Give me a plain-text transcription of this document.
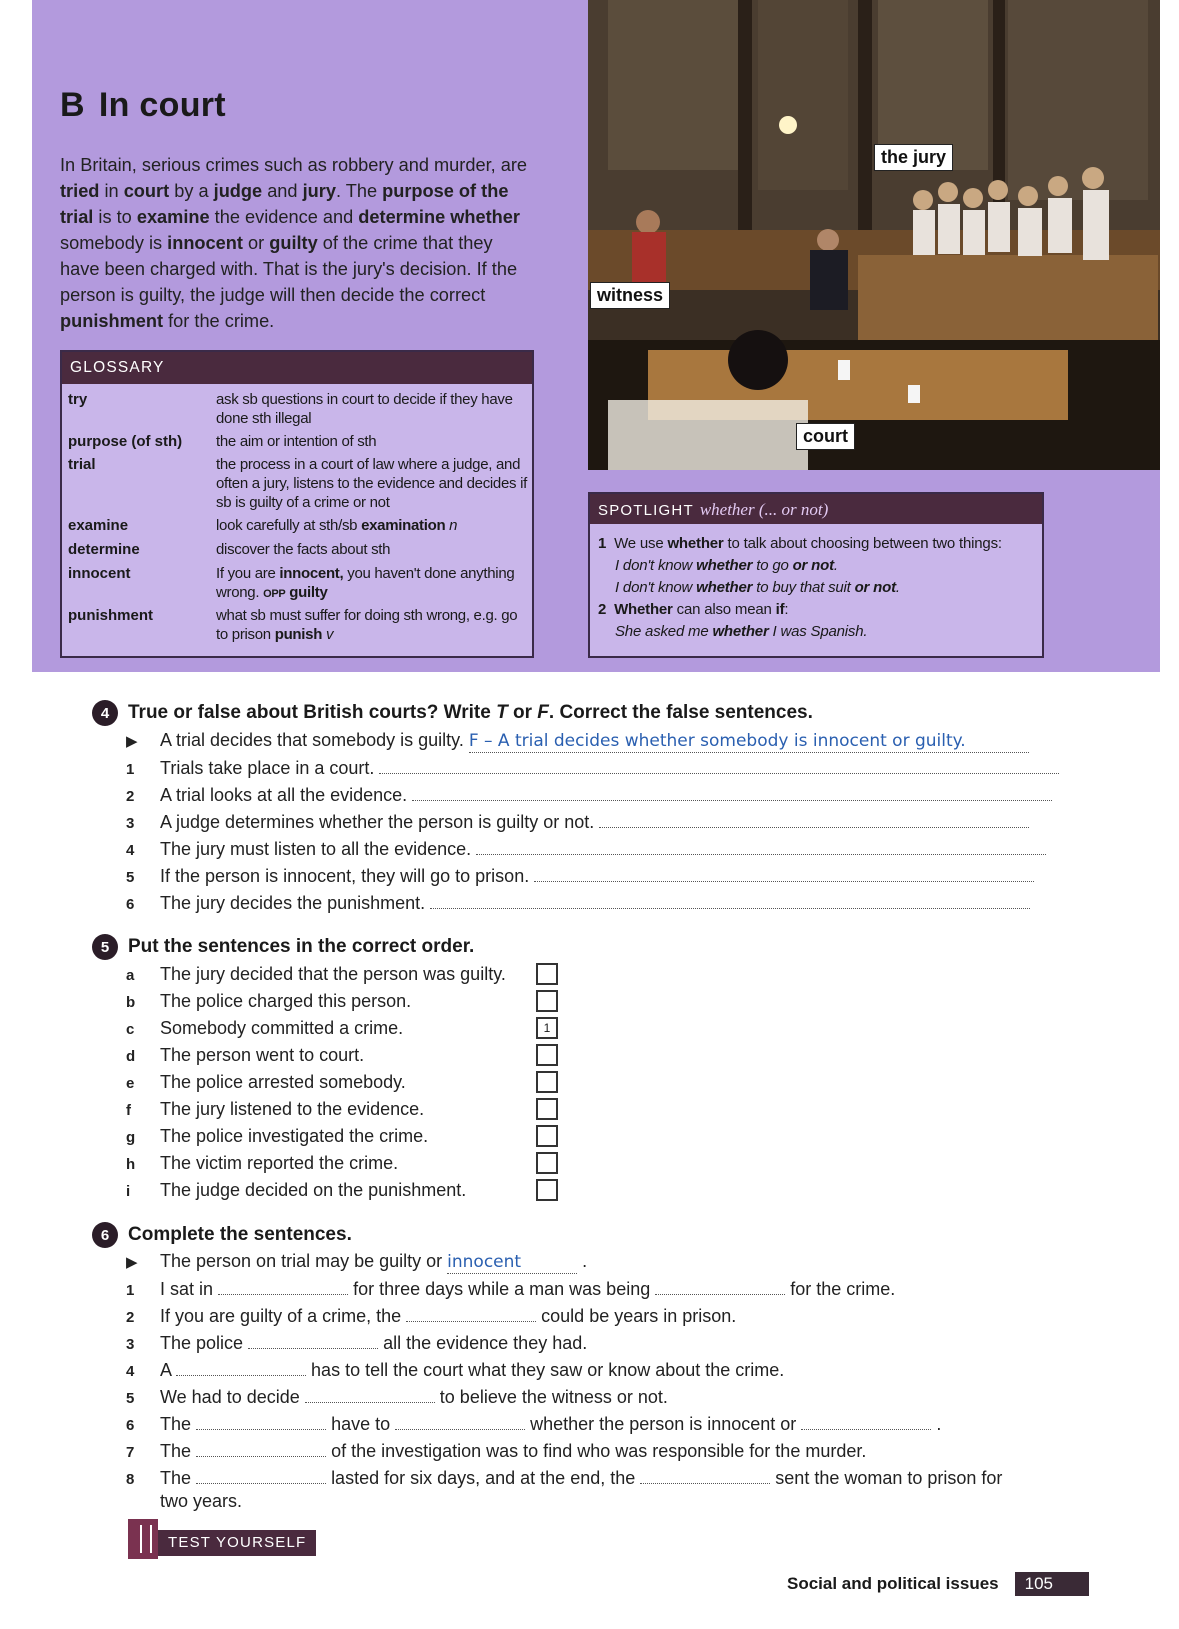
B In court
In Britain, serious crimes such as robbery and murder, are tried in court by a judge and jury. The purpose of the trial is to examine the evidence and determine whether somebody is innocent or guilty of the crime that they have been charged with. That is the jury's decision. If the person is guilty, the judge will then decide the correct punishment for the crime.
GLOSSARY
try	ask sb questions in court to decide if they have done sth illegal
purpose (of sth)	the aim or intention of sth
trial	the process in a court of law where a judge, and often a jury, listens to the evidence and decides if sb is guilty of a crime or not
examine	look carefully at sth/sb examination n
determine	discover the facts about sth
innocent	If you are innocent, you haven't done anything wrong. OPP guilty
punishment	what sb must suffer for doing sth wrong, e.g. go to prison punish v
the jury
witness
court
SPOTLIGHT whether (... or not)
1 We use whether to talk about choosing between two things:
I don't know whether to go or not.
I don't know whether to buy that suit or not.
2 Whether can also mean if:
She asked me whether I was Spanish.
4 True or false about British courts? Write T or F. Correct the false sentences.
▶ A trial decides that somebody is guilty. F – A trial decides whether somebody is innocent or guilty.
1 Trials take place in a court.
2 A trial looks at all the evidence.
3 A judge determines whether the person is guilty or not.
4 The jury must listen to all the evidence.
5 If the person is innocent, they will go to prison.
6 The jury decides the punishment.
5 Put the sentences in the correct order.
a The jury decided that the person was guilty.
b The police charged this person.
c Somebody committed a crime.
d The person went to court.
e The police arrested somebody.
f The jury listened to the evidence.
g The police investigated the crime.
h The victim reported the crime.
i The judge decided on the punishment.
1
6 Complete the sentences.
▶ The person on trial may be guilty or innocent	.
1 I sat in	for three days while a man was being	for the crime.
2 If you are guilty of a crime, the	could be years in prison.
3 The police	all the evidence they had.
4 A	has to tell the court what they saw or know about the crime.
5 We had to decide	to believe the witness or not.
6 The	have to	whether the person is innocent or	.
7 The	of the investigation was to find who was responsible for the murder.
8 The	lasted for six days, and at the end, the	sent the woman to prison for
two years.
TEST YOURSELF
Social and political issues	105
